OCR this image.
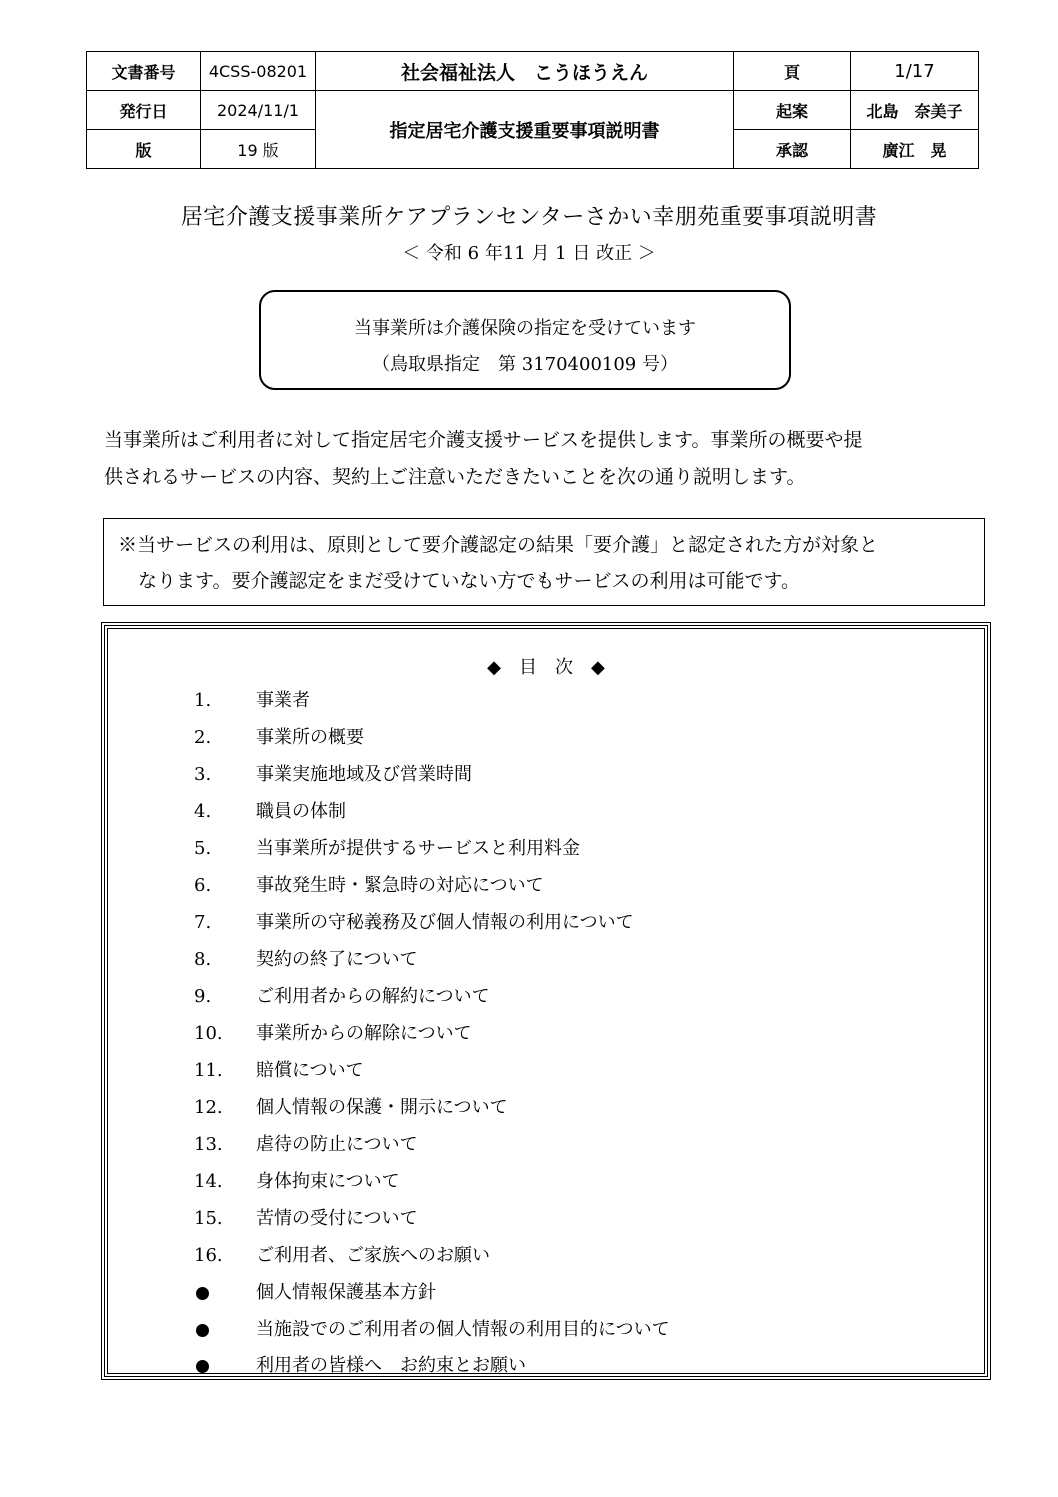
文書番号	4CSS-08201	社会福祉法人　こうほうえん	頁	1/17
発行日	2024/11/1	指定居宅介護支援重要事項説明書	起案	北島　奈美子
版	19 版		承認	廣江　晃
居宅介護支援事業所ケアプランセンターさかい幸朋苑重要事項説明書
＜ 令和 6 年11 月 1 日 改正 ＞
当事業所は介護保険の指定を受けています
（鳥取県指定　第 3170400109 号）
当事業所はご利用者に対して指定居宅介護支援サービスを提供します。事業所の概要や提
供されるサービスの内容、契約上ご注意いただきたいことを次の通り説明します。
※当サービスの利用は、原則として要介護認定の結果「要介護」と認定された方が対象と
なります。要介護認定をまだ受けていない方でもサービスの利用は可能です。
◆　目　次　◆
1.	事業者
2.	事業所の概要
3.	事業実施地域及び営業時間
4.	職員の体制
5.	当事業所が提供するサービスと利用料金
6.	事故発生時・緊急時の対応について
7.	事業所の守秘義務及び個人情報の利用について
8.	契約の終了について
9.	ご利用者からの解約について
10.	事業所からの解除について
11.	賠償について
12.	個人情報の保護・開示について
13.	虐待の防止について
14.	身体拘束について
15.	苦情の受付について
16.	ご利用者、ご家族へのお願い
個人情報保護基本方針
当施設でのご利用者の個人情報の利用目的について
利用者の皆様へ　お約束とお願い
